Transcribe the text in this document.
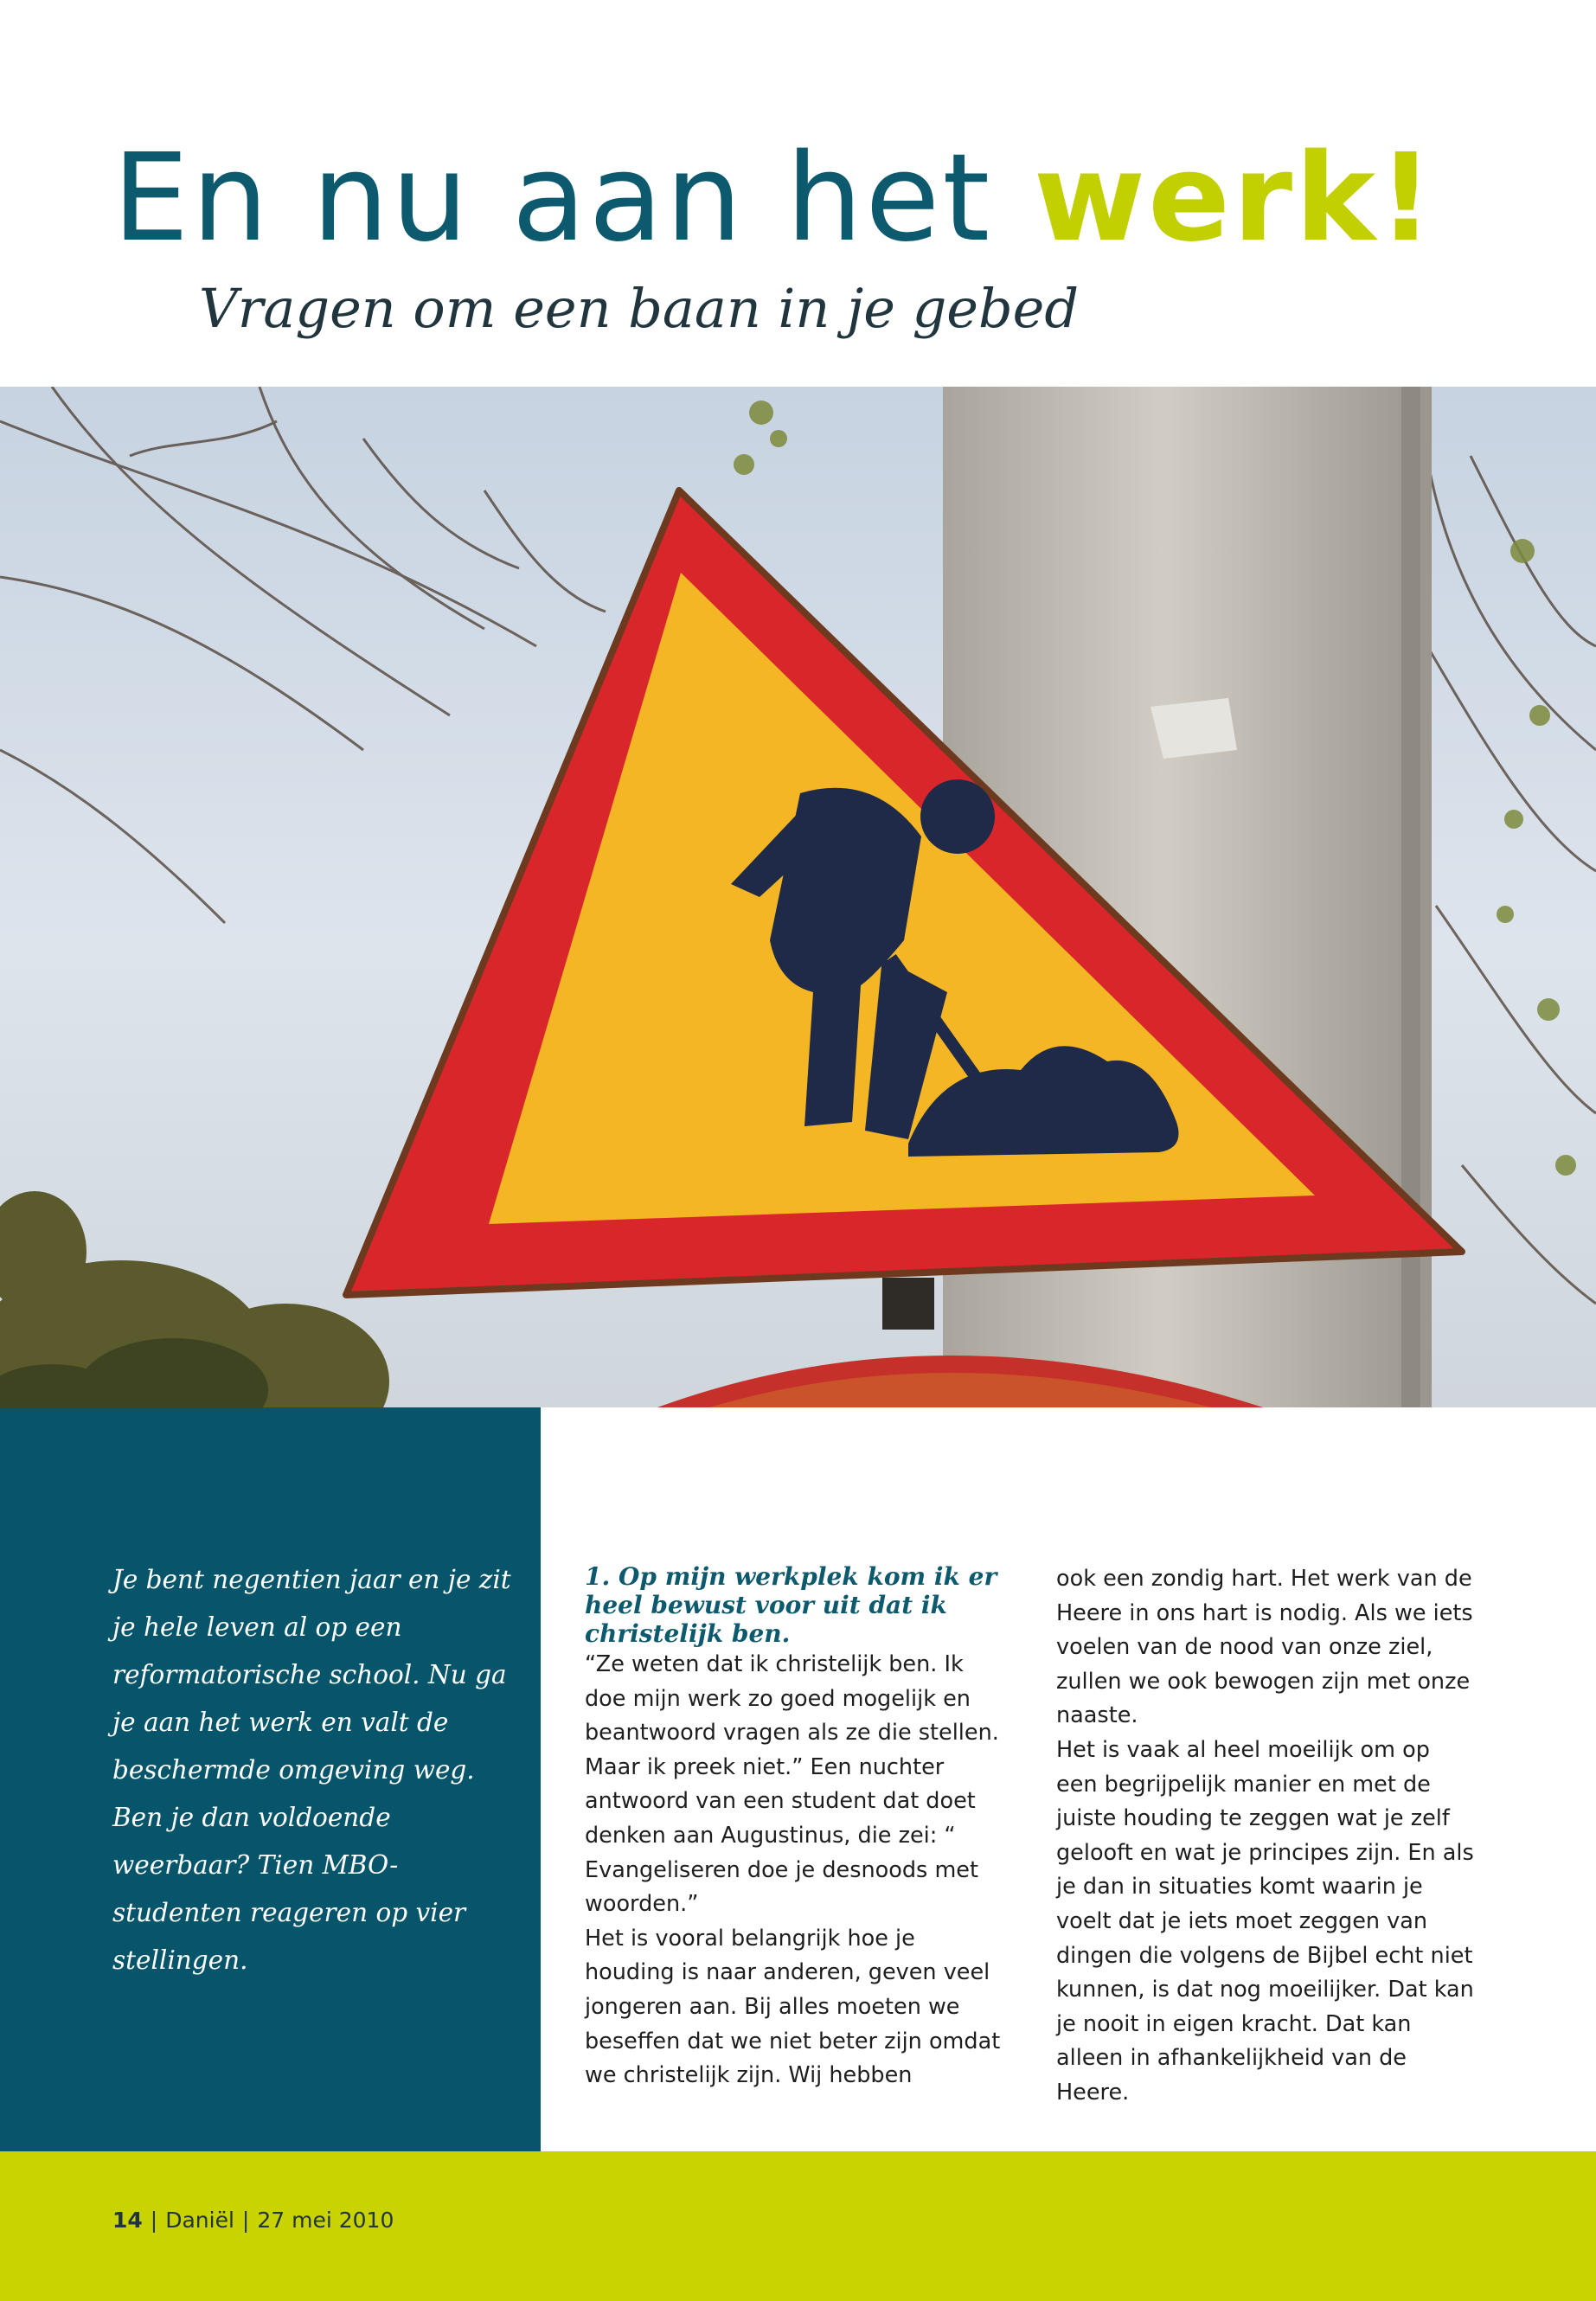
En nu aan het werk!
Vragen om een baan in je gebed

Je bent negentien jaar en je zit je hele leven al op een reformatorische school. Nu ga je aan het werk en valt de beschermde omgeving weg. Ben je dan voldoende weerbaar? Tien MBO-studenten reageren op vier stellingen.

1. Op mijn werkplek kom ik er heel bewust voor uit dat ik christelijk ben.

“Ze weten dat ik christelijk ben. Ik doe mijn werk zo goed mogelijk en beantwoord vragen als ze die stellen. Maar ik preek niet.” Een nuchter antwoord van een student dat doet denken aan Augustinus, die zei: “ Evangeliseren doe je desnoods met woorden.”

Het is vooral belangrijk hoe je houding is naar anderen, geven veel jongeren aan. Bij alles moeten we beseffen dat we niet beter zijn omdat we christelijk zijn. Wij hebben

ook een zondig hart. Het werk van de Heere in ons hart is nodig. Als we iets voelen van de nood van onze ziel, zullen we ook bewogen zijn met onze naaste.

Het is vaak al heel moeilijk om op een begrijpelijk manier en met de juiste houding te zeggen wat je zelf gelooft en wat je principes zijn. En als je dan in situaties komt waarin je voelt dat je iets moet zeggen van dingen die volgens de Bijbel echt niet kunnen, is dat nog moeilijker. Dat kan je nooit in eigen kracht. Dat kan alleen in afhankelijkheid van de Heere.

14 | Daniël | 27 mei 2010
